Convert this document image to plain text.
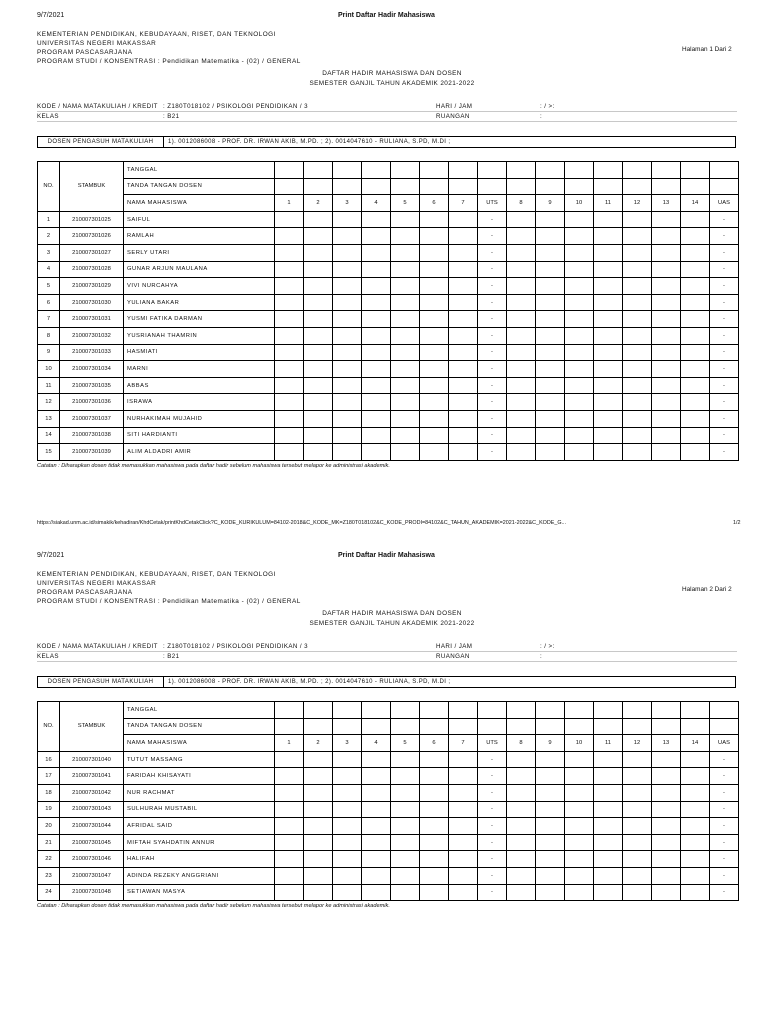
9/7/2021	Print Daftar Hadir Mahasiswa
KEMENTERIAN PENDIDIKAN, KEBUDAYAAN, RISET, DAN TEKNOLOGI
UNIVERSITAS NEGERI MAKASSAR
PROGRAM PASCASARJANA
PROGRAM STUDI / KONSENTRASI : Pendidikan Matematika - (02) / GENERAL
Halaman 1 Dari 2
DAFTAR HADIR MAHASISWA DAN DOSEN
SEMESTER GANJIL TAHUN AKADEMIK 2021-2022
KODE / NAMA MATAKULIAH / KREDIT : Z180T018102 / PSIKOLOGI PENDIDIKAN / 3	HARI / JAM	: / >:
KELAS	: B21	RUANGAN	:
DOSEN PENGASUH MATAKULIAH	1). 0012086008 - PROF. DR. IRWAN AKIB, M.PD. ; 2). 0014047610 - RULIANA, S.PD, M.DI ;
NO.	STAMBUK	TANGGAL																
		TANDA TANGAN DOSEN																
		NAMA MAHASISWA	1	2	3	4	5	6	7	UTS	8	9	10	11	12	13	14	UAS
1	210007301025	SAIFUL								-								-
2	210007301026	RAMLAH								-								-
3	210007301027	SERLY UTARI								-								-
4	210007301028	GUNAR ARJUN MAULANA								-								-
5	210007301029	VIVI NURCAHYA								-								-
6	210007301030	YULIANA BAKAR								-								-
7	210007301031	YUSMI FATIKA DARMAN								-								-
8	210007301032	YUSRIANAH THAMRIN								-								-
9	210007301033	HASMIATI								-								-
10	210007301034	MARNI								-								-
11	210007301035	ABBAS								-								-
12	210007301036	ISRAWA								-								-
13	210007301037	NURHAKIMAH MUJAHID								-								-
14	210007301038	SITI HARDIANTI								-								-
15	210007301039	ALIM ALDADRI AMIR								-								-
Catatan : Diharapkan dosen tidak memasukkan mahasiswa pada daftar hadir sebelum mahasiswa tersebut melapor ke administrasi akademik.
https://siakad.unm.ac.id/simakik/kehadiran/KhdCetak/printKhdCetakClick?C_KODE_KURIKULUM=84102-2018&C_KODE_MK=Z180T018102&C_KODE_PRODI=84102&C_TAHUN_AKADEMIK=2021-2022&C_KODE_G...	1/2
9/7/2021	Print Daftar Hadir Mahasiswa
KEMENTERIAN PENDIDIKAN, KEBUDAYAAN, RISET, DAN TEKNOLOGI
UNIVERSITAS NEGERI MAKASSAR
PROGRAM PASCASARJANA
PROGRAM STUDI / KONSENTRASI : Pendidikan Matematika - (02) / GENERAL
Halaman 2 Dari 2
DAFTAR HADIR MAHASISWA DAN DOSEN
SEMESTER GANJIL TAHUN AKADEMIK 2021-2022
KODE / NAMA MATAKULIAH / KREDIT : Z180T018102 / PSIKOLOGI PENDIDIKAN / 3	HARI / JAM	: / >:
KELAS	: B21	RUANGAN	:
DOSEN PENGASUH MATAKULIAH	1). 0012086008 - PROF. DR. IRWAN AKIB, M.PD. ; 2). 0014047610 - RULIANA, S.PD, M.DI ;
NO.	STAMBUK	TANGGAL																
		TANDA TANGAN DOSEN																
		NAMA MAHASISWA	1	2	3	4	5	6	7	UTS	8	9	10	11	12	13	14	UAS
16	210007301040	TUTUT MASSANG								-								-
17	210007301041	FARIDAH KHISAYATI								-								-
18	210007301042	NUR RACHMAT								-								-
19	210007301043	SULHURAH MUSTABIL								-								-
20	210007301044	AFRIDAL SAID								-								-
21	210007301045	MIFTAH SYAHDATIN ANNUR								-								-
22	210007301046	HALIFAH								-								-
23	210007301047	ADINDA REZEKY ANGGRIANI								-								-
24	210007301048	SETIAWAN MASYA								-								-
Catatan : Diharapkan dosen tidak memasukkan mahasiswa pada daftar hadir sebelum mahasiswa tersebut melapor ke administrasi akademik.
